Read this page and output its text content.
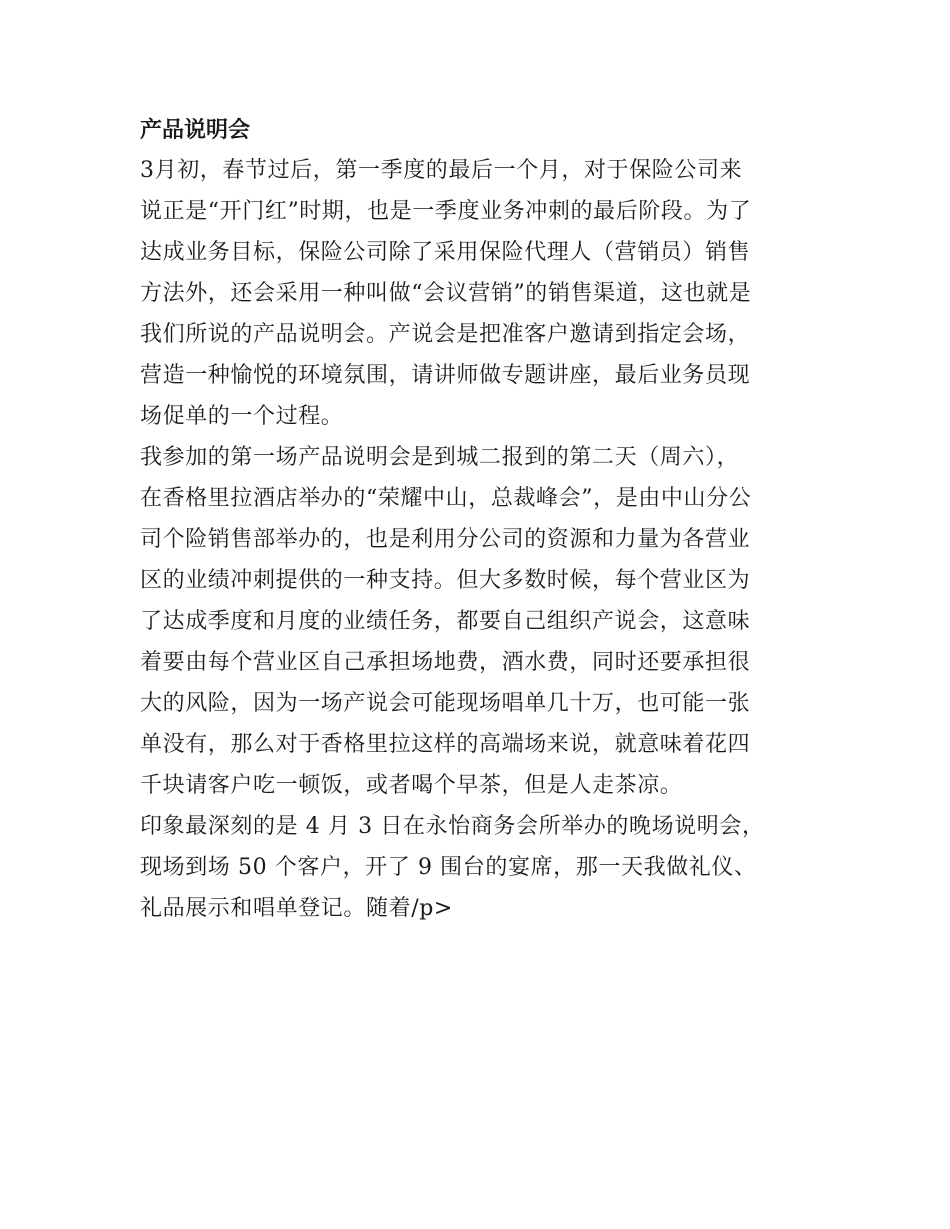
产品说明会
3月初，春节过后，第一季度的最后一个月，对于保险公司来
说正是“开门红”时期，也是一季度业务冲刺的最后阶段。为了
达成业务目标，保险公司除了采用保险代理人（营销员）销售
方法外，还会采用一种叫做“会议营销”的销售渠道，这也就是
我们所说的产品说明会。产说会是把准客户邀请到指定会场，
营造一种愉悦的环境氛围，请讲师做专题讲座，最后业务员现
场促单的一个过程。
我参加的第一场产品说明会是到城二报到的第二天（周六），
在香格里拉酒店举办的“荣耀中山，总裁峰会”，是由中山分公
司个险销售部举办的，也是利用分公司的资源和力量为各营业
区的业绩冲刺提供的一种支持。但大多数时候，每个营业区为
了达成季度和月度的业绩任务，都要自己组织产说会，这意味
着要由每个营业区自己承担场地费，酒水费，同时还要承担很
大的风险，因为一场产说会可能现场唱单几十万，也可能一张
单没有，那么对于香格里拉这样的高端场来说，就意味着花四
千块请客户吃一顿饭，或者喝个早茶，但是人走茶凉。
印象最深刻的是 4 月 3 日在永怡商务会所举办的晚场说明会，
现场到场 50 个客户，开了 9 围台的宴席，那一天我做礼仪、
礼品展示和唱单登记。随着/p>
